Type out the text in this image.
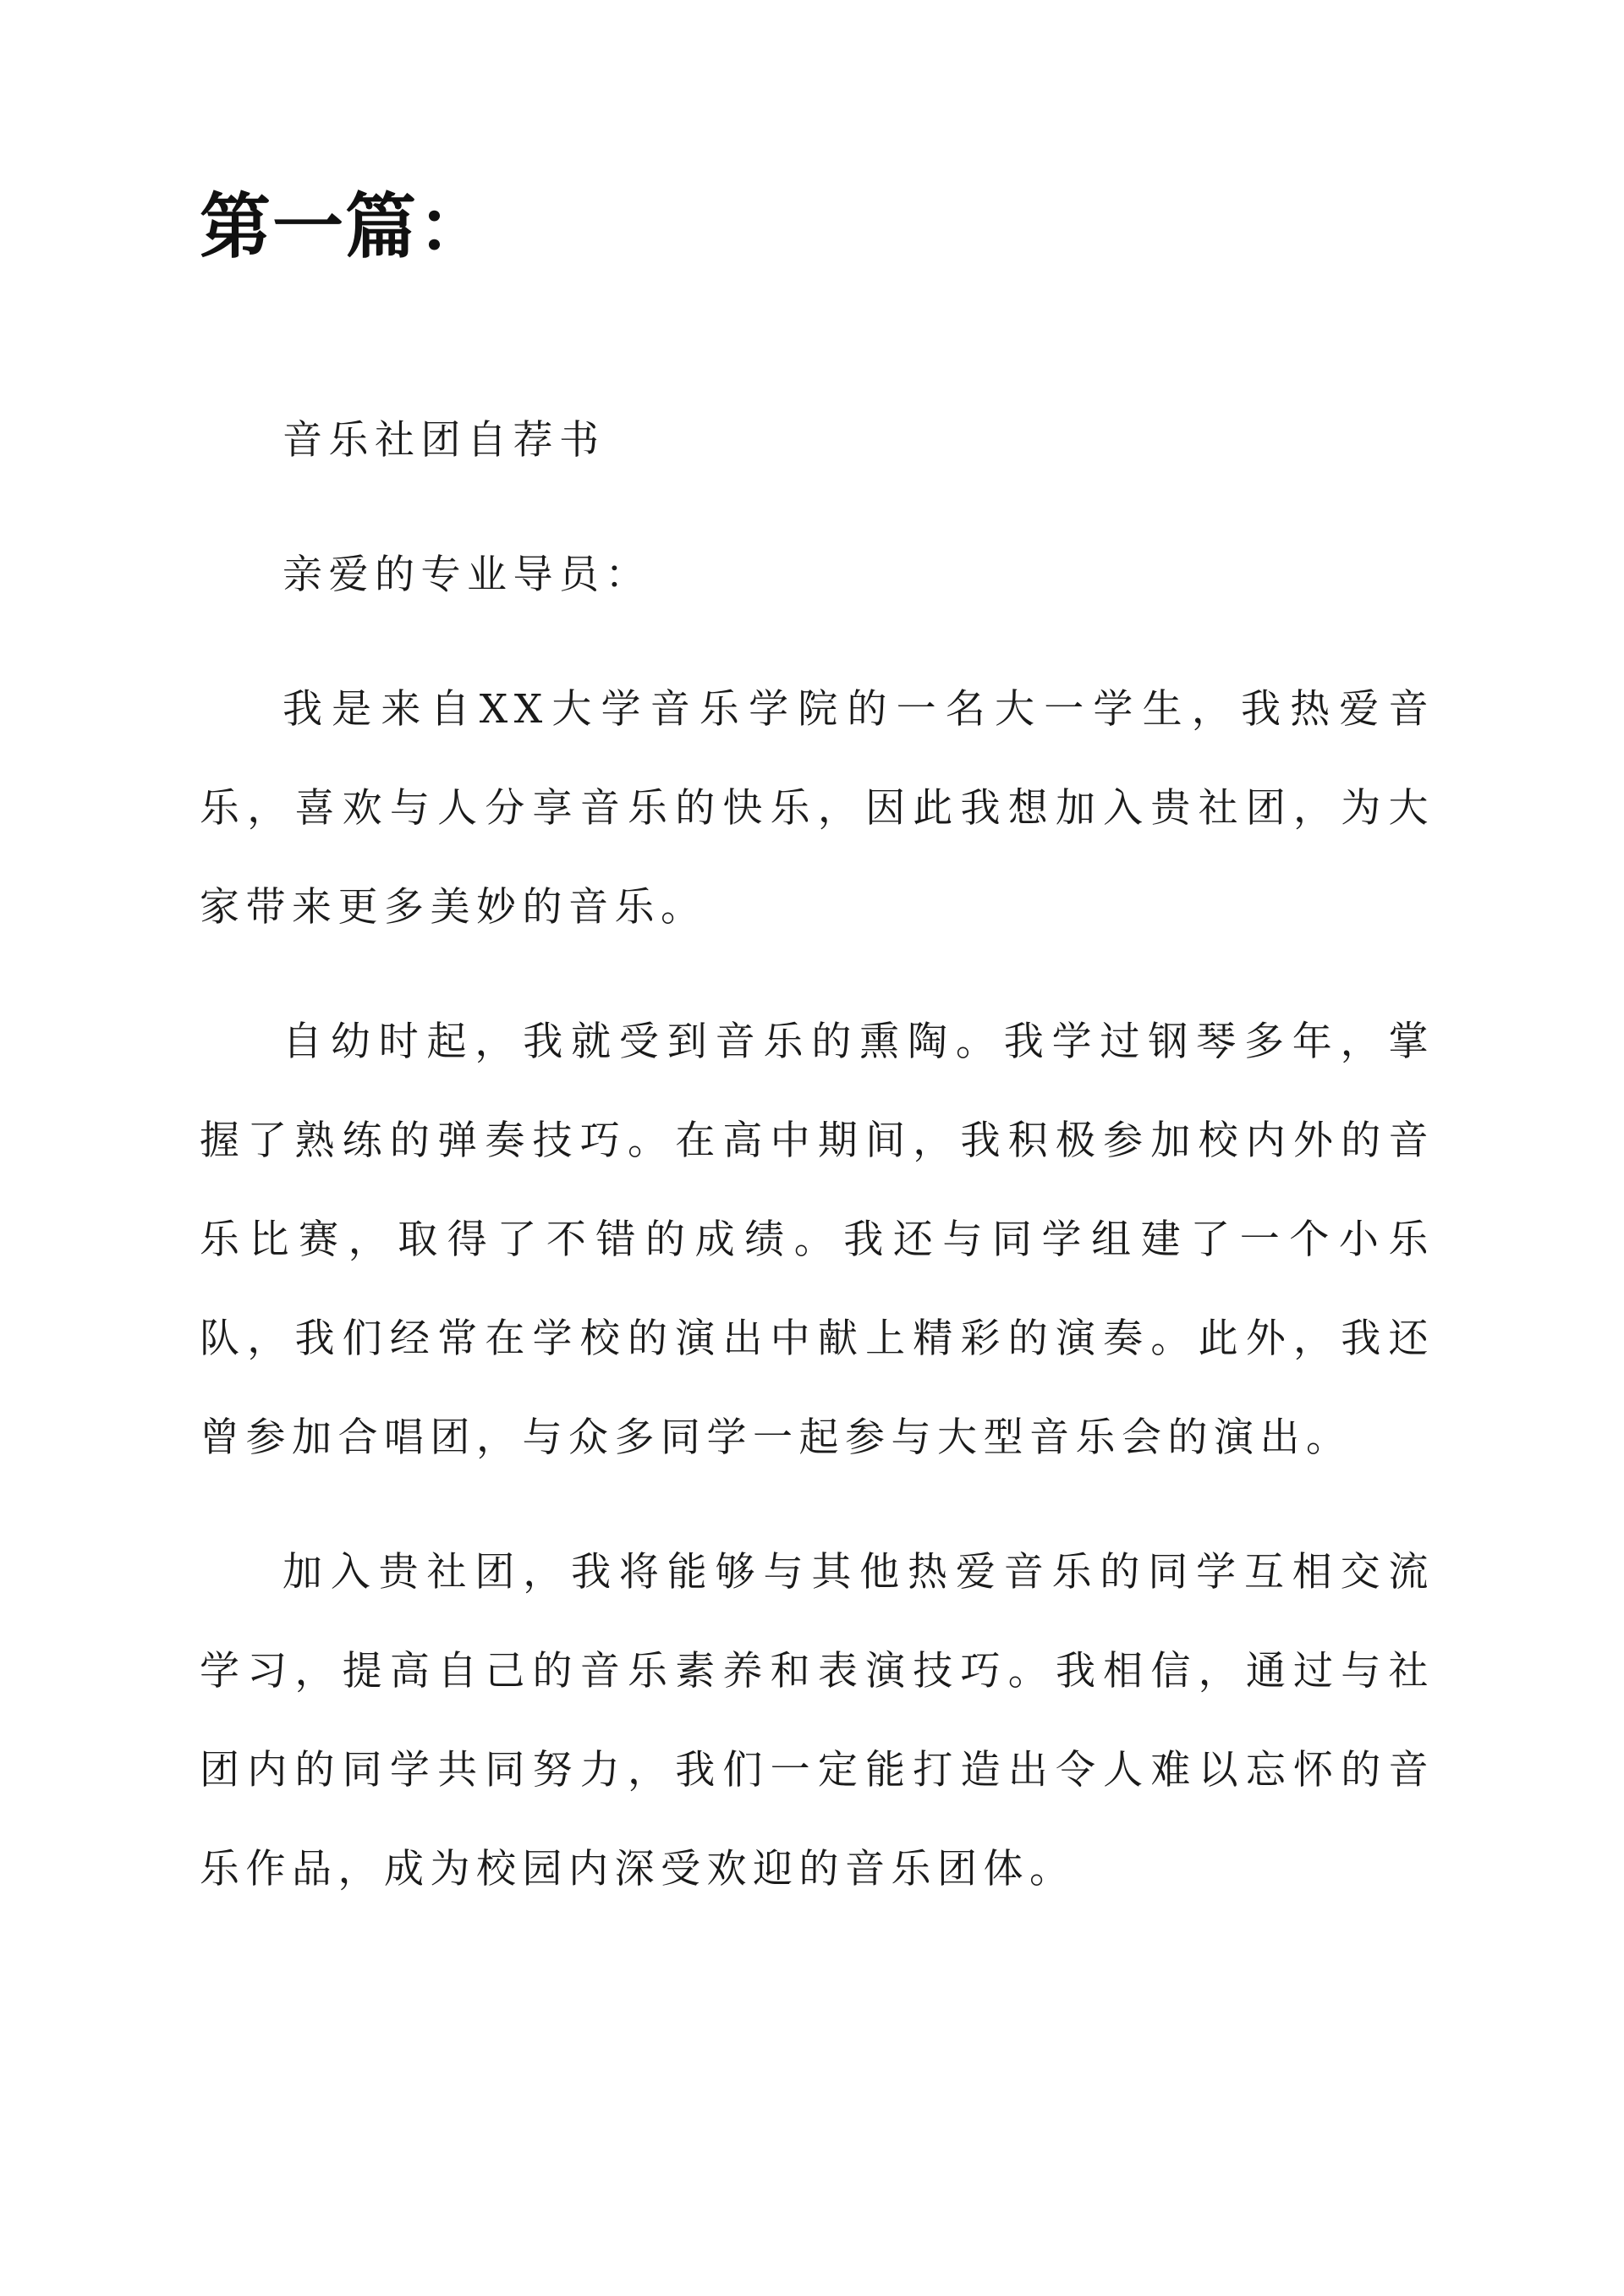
第一篇：

音乐社团自荐书

亲爱的专业导员：

我是来自XX大学音乐学院的一名大一学生，我热爱音乐，喜欢与人分享音乐的快乐，因此我想加入贵社团，为大家带来更多美妙的音乐。

自幼时起，我就受到音乐的熏陶。我学过钢琴多年，掌握了熟练的弹奏技巧。在高中期间，我积极参加校内外的音乐比赛，取得了不错的成绩。我还与同学组建了一个小乐队，我们经常在学校的演出中献上精彩的演奏。此外，我还曾参加合唱团，与众多同学一起参与大型音乐会的演出。

加入贵社团，我将能够与其他热爱音乐的同学互相交流学习，提高自己的音乐素养和表演技巧。我相信，通过与社团内的同学共同努力，我们一定能打造出令人难以忘怀的音乐作品，成为校园内深受欢迎的音乐团体。
